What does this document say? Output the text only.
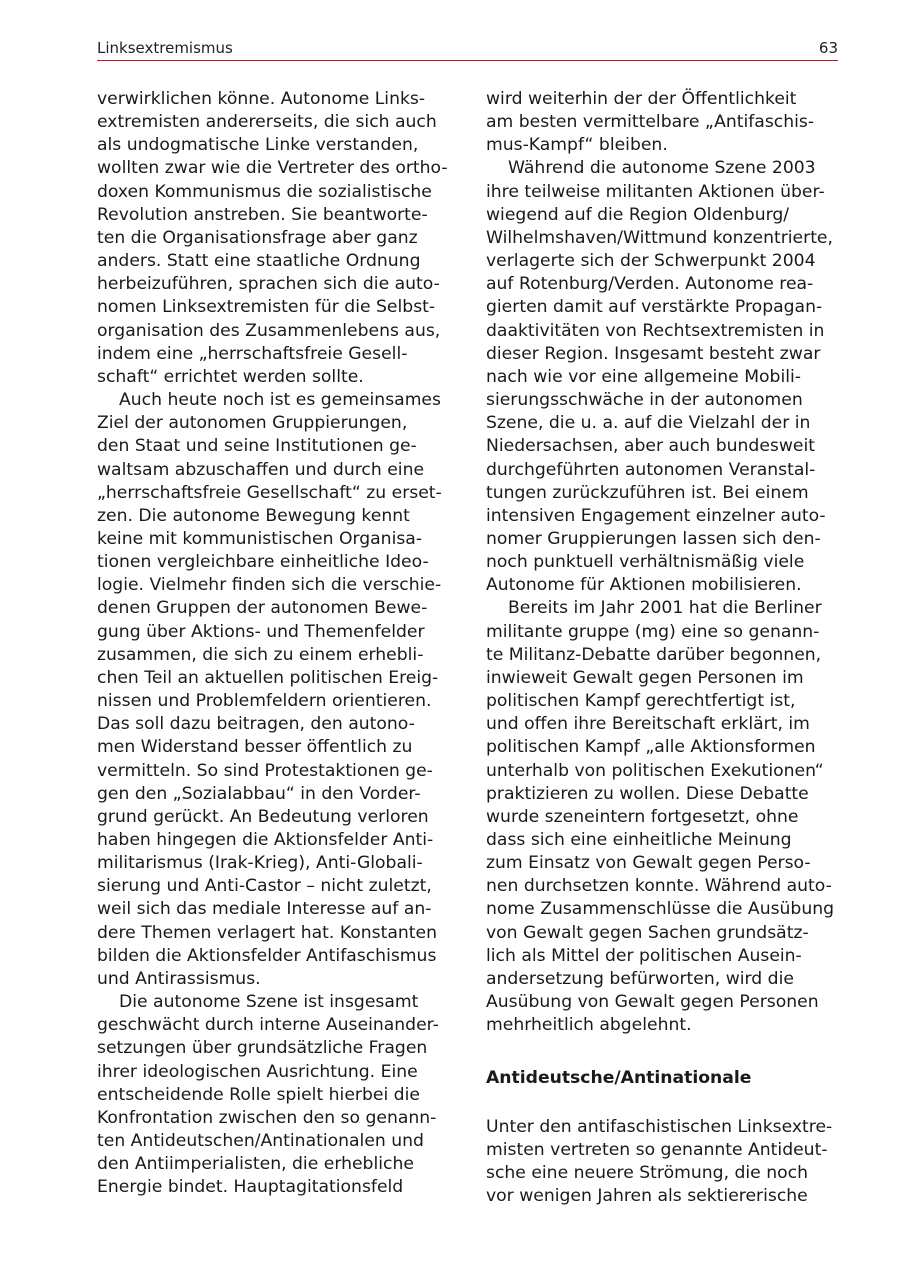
Linksextremismus	63

verwirklichen könne. Autonome Links-
extremisten andererseits, die sich auch
als undogmatische Linke verstanden,
wollten zwar wie die Vertreter des ortho-
doxen Kommunismus die sozialistische
Revolution anstreben. Sie beantworte-
ten die Organisationsfrage aber ganz
anders. Statt eine staatliche Ordnung
herbeizuführen, sprachen sich die auto-
nomen Linksextremisten für die Selbst-
organisation des Zusammenlebens aus,
indem eine „herrschaftsfreie Gesell-
schaft“ errichtet werden sollte.

Auch heute noch ist es gemeinsames
Ziel der autonomen Gruppierungen,
den Staat und seine Institutionen ge-
waltsam abzuschaffen und durch eine
„herrschaftsfreie Gesellschaft“ zu erset-
zen. Die autonome Bewegung kennt
keine mit kommunistischen Organisa-
tionen vergleichbare einheitliche Ideo-
logie. Vielmehr finden sich die verschie-
denen Gruppen der autonomen Bewe-
gung über Aktions- und Themenfelder
zusammen, die sich zu einem erhebli-
chen Teil an aktuellen politischen Ereig-
nissen und Problemfeldern orientieren.
Das soll dazu beitragen, den autono-
men Widerstand besser öffentlich zu
vermitteln. So sind Protestaktionen ge-
gen den „Sozialabbau“ in den Vorder-
grund gerückt. An Bedeutung verloren
haben hingegen die Aktionsfelder Anti-
militarismus (Irak-Krieg), Anti-Globali-
sierung und Anti-Castor – nicht zuletzt,
weil sich das mediale Interesse auf an-
dere Themen verlagert hat. Konstanten
bilden die Aktionsfelder Antifaschismus
und Antirassismus.

Die autonome Szene ist insgesamt
geschwächt durch interne Auseinander-
setzungen über grundsätzliche Fragen
ihrer ideologischen Ausrichtung. Eine
entscheidende Rolle spielt hierbei die
Konfrontation zwischen den so genann-
ten Antideutschen/Antinationalen und
den Antiimperialisten, die erhebliche
Energie bindet. Hauptagitationsfeld

wird weiterhin der der Öffentlichkeit
am besten vermittelbare „Antifaschis-
mus-Kampf“ bleiben.

Während die autonome Szene 2003
ihre teilweise militanten Aktionen über-
wiegend auf die Region Oldenburg/
Wilhelmshaven/Wittmund konzentrierte,
verlagerte sich der Schwerpunkt 2004
auf Rotenburg/Verden. Autonome rea-
gierten damit auf verstärkte Propagan-
daaktivitäten von Rechtsextremisten in
dieser Region. Insgesamt besteht zwar
nach wie vor eine allgemeine Mobili-
sierungsschwäche in der autonomen
Szene, die u. a. auf die Vielzahl der in
Niedersachsen, aber auch bundesweit
durchgeführten autonomen Veranstal-
tungen zurückzuführen ist. Bei einem
intensiven Engagement einzelner auto-
nomer Gruppierungen lassen sich den-
noch punktuell verhältnismäßig viele
Autonome für Aktionen mobilisieren.

Bereits im Jahr 2001 hat die Berliner
militante gruppe (mg) eine so genann-
te Militanz-Debatte darüber begonnen,
inwieweit Gewalt gegen Personen im
politischen Kampf gerechtfertigt ist,
und offen ihre Bereitschaft erklärt, im
politischen Kampf „alle Aktionsformen
unterhalb von politischen Exekutionen“
praktizieren zu wollen. Diese Debatte
wurde szeneintern fortgesetzt, ohne
dass sich eine einheitliche Meinung
zum Einsatz von Gewalt gegen Perso-
nen durchsetzen konnte. Während auto-
nome Zusammenschlüsse die Ausübung
von Gewalt gegen Sachen grundsätz-
lich als Mittel der politischen Ausein-
andersetzung befürworten, wird die
Ausübung von Gewalt gegen Personen
mehrheitlich abgelehnt.

Antideutsche/Antinationale

Unter den antifaschistischen Linksextre-
misten vertreten so genannte Antideut-
sche eine neuere Strömung, die noch
vor wenigen Jahren als sektiererische
